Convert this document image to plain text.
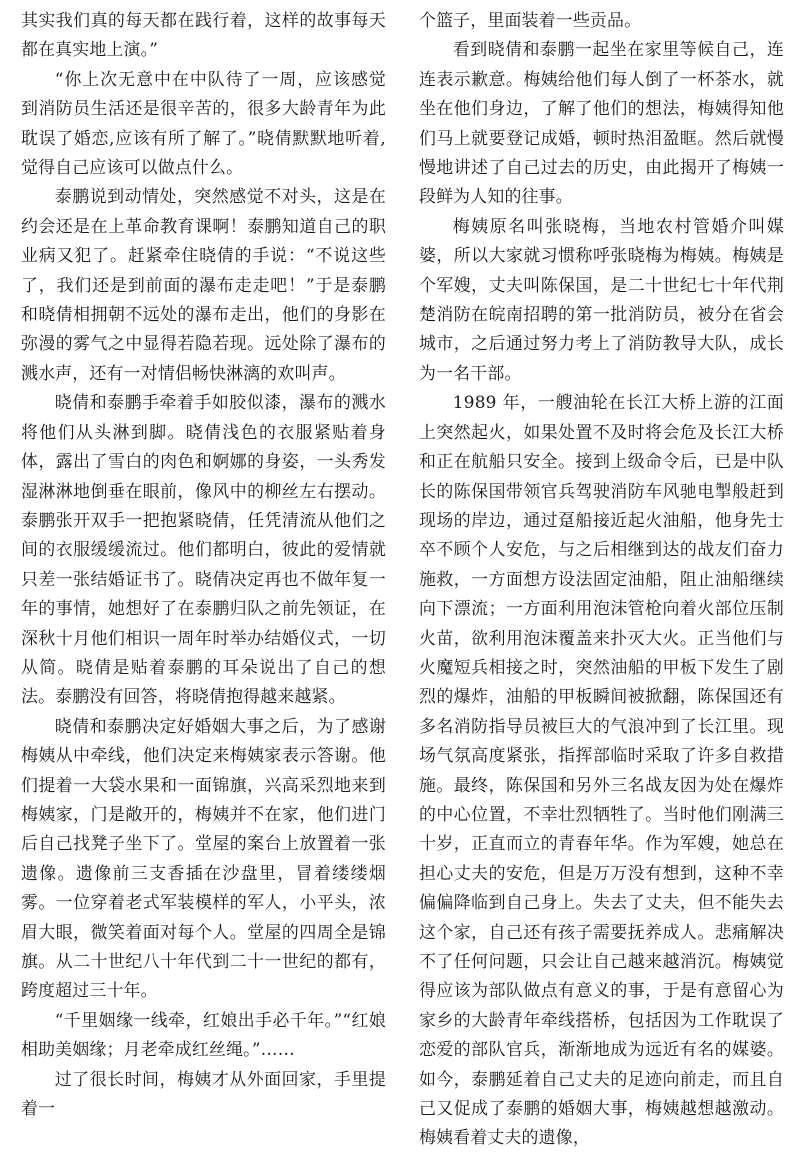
其实我们真的每天都在践行着，这样的故事每天都在真实地上演。”

“你上次无意中在中队待了一周，应该感觉到消防员生活还是很辛苦的，很多大龄青年为此耽误了婚恋,应该有所了解了。”晓倩默默地听着,觉得自己应该可以做点什么。

泰鹏说到动情处，突然感觉不对头，这是在约会还是在上革命教育课啊！泰鹏知道自己的职业病又犯了。赶紧牵住晓倩的手说：“不说这些了，我们还是到前面的瀑布走走吧！”于是泰鹏和晓倩相拥朝不远处的瀑布走出，他们的身影在弥漫的雾气之中显得若隐若现。远处除了瀑布的溅水声，还有一对情侣畅快淋漓的欢叫声。

晓倩和泰鹏手牵着手如胶似漆，瀑布的溅水将他们从头淋到脚。晓倩浅色的衣服紧贴着身体，露出了雪白的肉色和婀娜的身姿，一头秀发湿淋淋地倒垂在眼前，像风中的柳丝左右摆动。泰鹏张开双手一把抱紧晓倩，任凭清流从他们之间的衣服缓缓流过。他们都明白，彼此的爱情就只差一张结婚证书了。晓倩决定再也不做年复一年的事情，她想好了在泰鹏归队之前先领证，在深秋十月他们相识一周年时举办结婚仪式，一切从简。晓倩是贴着泰鹏的耳朵说出了自己的想法。泰鹏没有回答，将晓倩抱得越来越紧。

晓倩和泰鹏决定好婚姻大事之后，为了感谢梅姨从中牵线，他们决定来梅姨家表示答谢。他们提着一大袋水果和一面锦旗，兴高采烈地来到梅姨家，门是敞开的，梅姨并不在家，他们进门后自己找凳子坐下了。堂屋的案台上放置着一张遗像。遗像前三支香插在沙盘里，冒着缕缕烟雾。一位穿着老式军装模样的军人，小平头，浓眉大眼，微笑着面对每个人。堂屋的四周全是锦旗。从二十世纪八十年代到二十一世纪的都有，跨度超过三十年。

“千里姻缘一线牵，红娘出手必千年。”“红娘相助美姻缘；月老牵成红丝绳。”……

过了很长时间，梅姨才从外面回家，手里提着一

个篮子，里面装着一些贡品。

看到晓倩和泰鹏一起坐在家里等候自己，连连表示歉意。梅姨给他们每人倒了一杯茶水，就坐在他们身边，了解了他们的想法，梅姨得知他们马上就要登记成婚，顿时热泪盈眶。然后就慢慢地讲述了自己过去的历史，由此揭开了梅姨一段鲜为人知的往事。

梅姨原名叫张晓梅，当地农村管婚介叫媒婆，所以大家就习惯称呼张晓梅为梅姨。梅姨是个军嫂，丈夫叫陈保国，是二十世纪七十年代荆楚消防在皖南招聘的第一批消防员，被分在省会城市，之后通过努力考上了消防教导大队，成长为一名干部。

1989 年，一艘油轮在长江大桥上游的江面上突然起火，如果处置不及时将会危及长江大桥和正在航船只安全。接到上级命令后，已是中队长的陈保国带领官兵驾驶消防车风驰电掣般赶到现场的岸边，通过趸船接近起火油船，他身先士卒不顾个人安危，与之后相继到达的战友们奋力施救，一方面想方设法固定油船，阻止油船继续向下漂流；一方面利用泡沫管枪向着火部位压制火苗，欲利用泡沫覆盖来扑灭大火。正当他们与火魔短兵相接之时，突然油船的甲板下发生了剧烈的爆炸，油船的甲板瞬间被掀翻，陈保国还有多名消防指导员被巨大的气浪冲到了长江里。现场气氛高度紧张，指挥部临时采取了许多自救措施。最终，陈保国和另外三名战友因为处在爆炸的中心位置，不幸壮烈牺牲了。当时他们刚满三十岁，正直而立的青春年华。作为军嫂，她总在担心丈夫的安危，但是万万没有想到，这种不幸偏偏降临到自己身上。失去了丈夫，但不能失去这个家，自己还有孩子需要抚养成人。悲痛解决不了任何问题，只会让自己越来越消沉。梅姨觉得应该为部队做点有意义的事，于是有意留心为家乡的大龄青年牵线搭桥，包括因为工作耽误了恋爱的部队官兵，渐渐地成为远近有名的媒婆。如今，泰鹏延着自己丈夫的足迹向前走，而且自己又促成了泰鹏的婚姻大事，梅姨越想越激动。梅姨看着丈夫的遗像，
